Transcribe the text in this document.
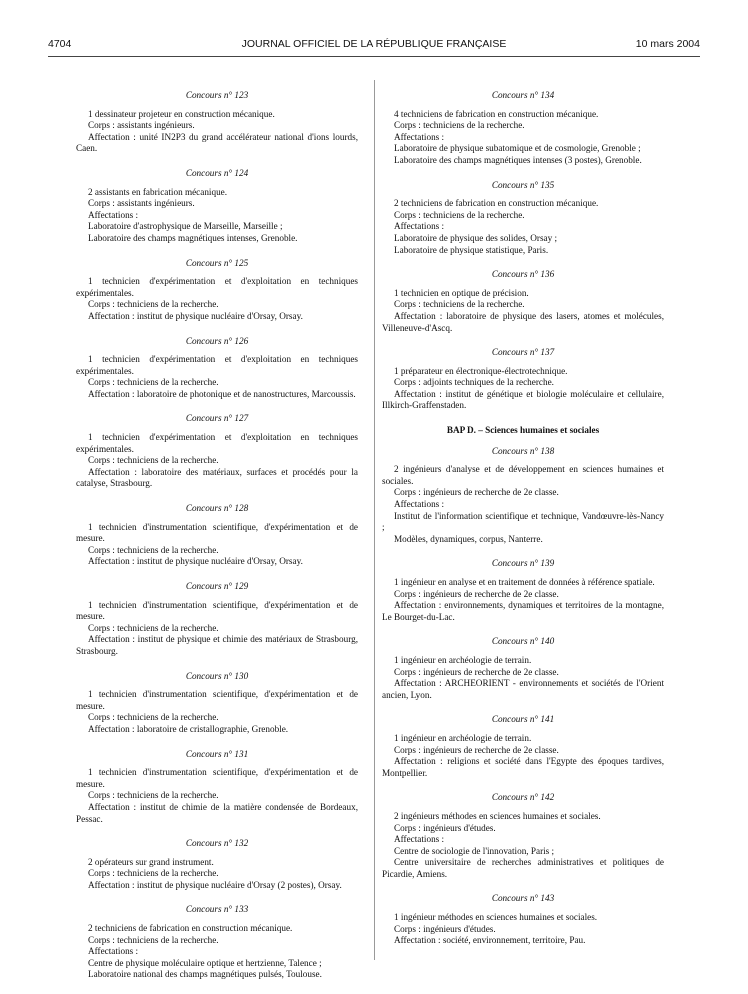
4704	JOURNAL OFFICIEL DE LA RÉPUBLIQUE FRANÇAISE	10 mars 2004
Concours n° 123
1 dessinateur projeteur en construction mécanique.
Corps : assistants ingénieurs.
Affectation : unité IN2P3 du grand accélérateur national d'ions lourds, Caen.
Concours n° 124
2 assistants en fabrication mécanique.
Corps : assistants ingénieurs.
Affectations :
Laboratoire d'astrophysique de Marseille, Marseille ;
Laboratoire des champs magnétiques intenses, Grenoble.
Concours n° 125
1 technicien d'expérimentation et d'exploitation en techniques expérimentales.
Corps : techniciens de la recherche.
Affectation : institut de physique nucléaire d'Orsay, Orsay.
Concours n° 126
1 technicien d'expérimentation et d'exploitation en techniques expérimentales.
Corps : techniciens de la recherche.
Affectation : laboratoire de photonique et de nanostructures, Marcoussis.
Concours n° 127
1 technicien d'expérimentation et d'exploitation en techniques expérimentales.
Corps : techniciens de la recherche.
Affectation : laboratoire des matériaux, surfaces et procédés pour la catalyse, Strasbourg.
Concours n° 128
1 technicien d'instrumentation scientifique, d'expérimentation et de mesure.
Corps : techniciens de la recherche.
Affectation : institut de physique nucléaire d'Orsay, Orsay.
Concours n° 129
1 technicien d'instrumentation scientifique, d'expérimentation et de mesure.
Corps : techniciens de la recherche.
Affectation : institut de physique et chimie des matériaux de Strasbourg, Strasbourg.
Concours n° 130
1 technicien d'instrumentation scientifique, d'expérimentation et de mesure.
Corps : techniciens de la recherche.
Affectation : laboratoire de cristallographie, Grenoble.
Concours n° 131
1 technicien d'instrumentation scientifique, d'expérimentation et de mesure.
Corps : techniciens de la recherche.
Affectation : institut de chimie de la matière condensée de Bordeaux, Pessac.
Concours n° 132
2 opérateurs sur grand instrument.
Corps : techniciens de la recherche.
Affectation : institut de physique nucléaire d'Orsay (2 postes), Orsay.
Concours n° 133
2 techniciens de fabrication en construction mécanique.
Corps : techniciens de la recherche.
Affectations :
Centre de physique moléculaire optique et hertzienne, Talence ;
Laboratoire national des champs magnétiques pulsés, Toulouse.
Concours n° 134
4 techniciens de fabrication en construction mécanique.
Corps : techniciens de la recherche.
Affectations :
Laboratoire de physique subatomique et de cosmologie, Grenoble ;
Laboratoire des champs magnétiques intenses (3 postes), Grenoble.
Concours n° 135
2 techniciens de fabrication en construction mécanique.
Corps : techniciens de la recherche.
Affectations :
Laboratoire de physique des solides, Orsay ;
Laboratoire de physique statistique, Paris.
Concours n° 136
1 technicien en optique de précision.
Corps : techniciens de la recherche.
Affectation : laboratoire de physique des lasers, atomes et molécules, Villeneuve-d'Ascq.
Concours n° 137
1 préparateur en électronique-électrotechnique.
Corps : adjoints techniques de la recherche.
Affectation : institut de génétique et biologie moléculaire et cellulaire, Illkirch-Graffenstaden.
BAP D. – Sciences humaines et sociales
Concours n° 138
2 ingénieurs d'analyse et de développement en sciences humaines et sociales.
Corps : ingénieurs de recherche de 2e classe.
Affectations :
Institut de l'information scientifique et technique, Vandœuvre-lès-Nancy ;
Modèles, dynamiques, corpus, Nanterre.
Concours n° 139
1 ingénieur en analyse et en traitement de données à référence spatiale.
Corps : ingénieurs de recherche de 2e classe.
Affectation : environnements, dynamiques et territoires de la montagne, Le Bourget-du-Lac.
Concours n° 140
1 ingénieur en archéologie de terrain.
Corps : ingénieurs de recherche de 2e classe.
Affectation : ARCHEORIENT - environnements et sociétés de l'Orient ancien, Lyon.
Concours n° 141
1 ingénieur en archéologie de terrain.
Corps : ingénieurs de recherche de 2e classe.
Affectation : religions et société dans l'Egypte des époques tardives, Montpellier.
Concours n° 142
2 ingénieurs méthodes en sciences humaines et sociales.
Corps : ingénieurs d'études.
Affectations :
Centre de sociologie de l'innovation, Paris ;
Centre universitaire de recherches administratives et politiques de Picardie, Amiens.
Concours n° 143
1 ingénieur méthodes en sciences humaines et sociales.
Corps : ingénieurs d'études.
Affectation : société, environnement, territoire, Pau.
